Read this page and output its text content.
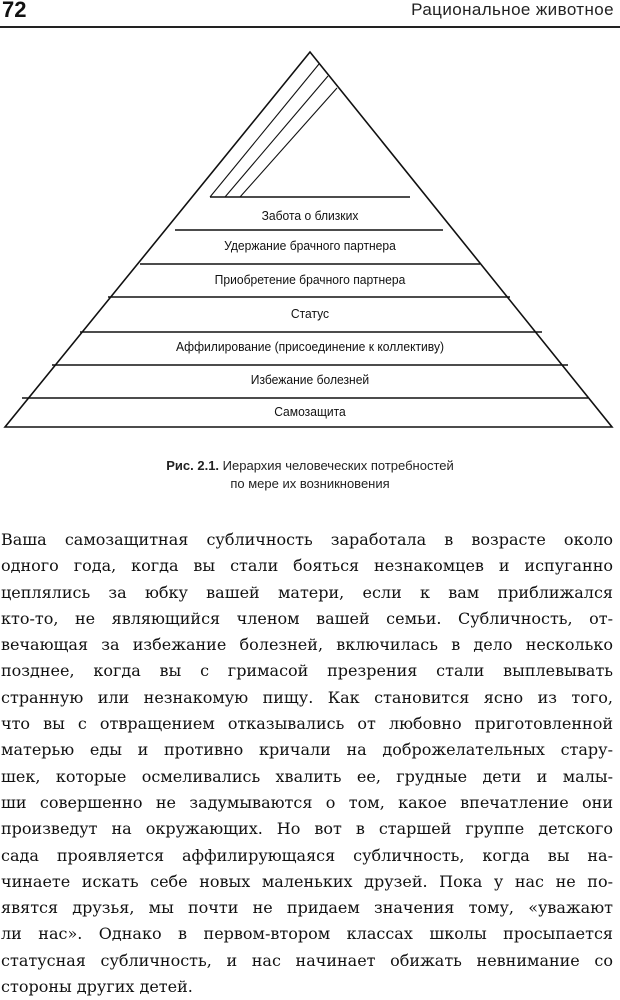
72	Рациональное животное
Забота о близких
Удержание брачного партнера
Приобретение брачного партнера
Статус
Аффилирование (присоединение к коллективу)
Избежание болезней
Самозащита
Рис. 2.1. Иерархия человеческих потребностей
по мере их возникновения
Ваша самозащитная субличность заработала в возрасте около
одного года, когда вы стали бояться незнакомцев и испуганно
цеплялись за юбку вашей матери, если к вам приближался
кто-то, не являющийся членом вашей семьи. Субличность, от-
вечающая за избежание болезней, включилась в дело несколько
позднее, когда вы с гримасой презрения стали выплевывать
странную или незнакомую пищу. Как становится ясно из того,
что вы с отвращением отказывались от любовно приготовленной
матерью еды и противно кричали на доброжелательных стару-
шек, которые осмеливались хвалить ее, грудные дети и малы-
ши совершенно не задумываются о том, какое впечатление они
произведут на окружающих. Но вот в старшей группе детского
сада проявляется аффилирующаяся субличность, когда вы на-
чинаете искать себе новых маленьких друзей. Пока у нас не по-
явятся друзья, мы почти не придаем значения тому, «уважают
ли нас». Однако в первом-втором классах школы просыпается
статусная субличность, и нас начинает обижать невнимание со
стороны других детей.
